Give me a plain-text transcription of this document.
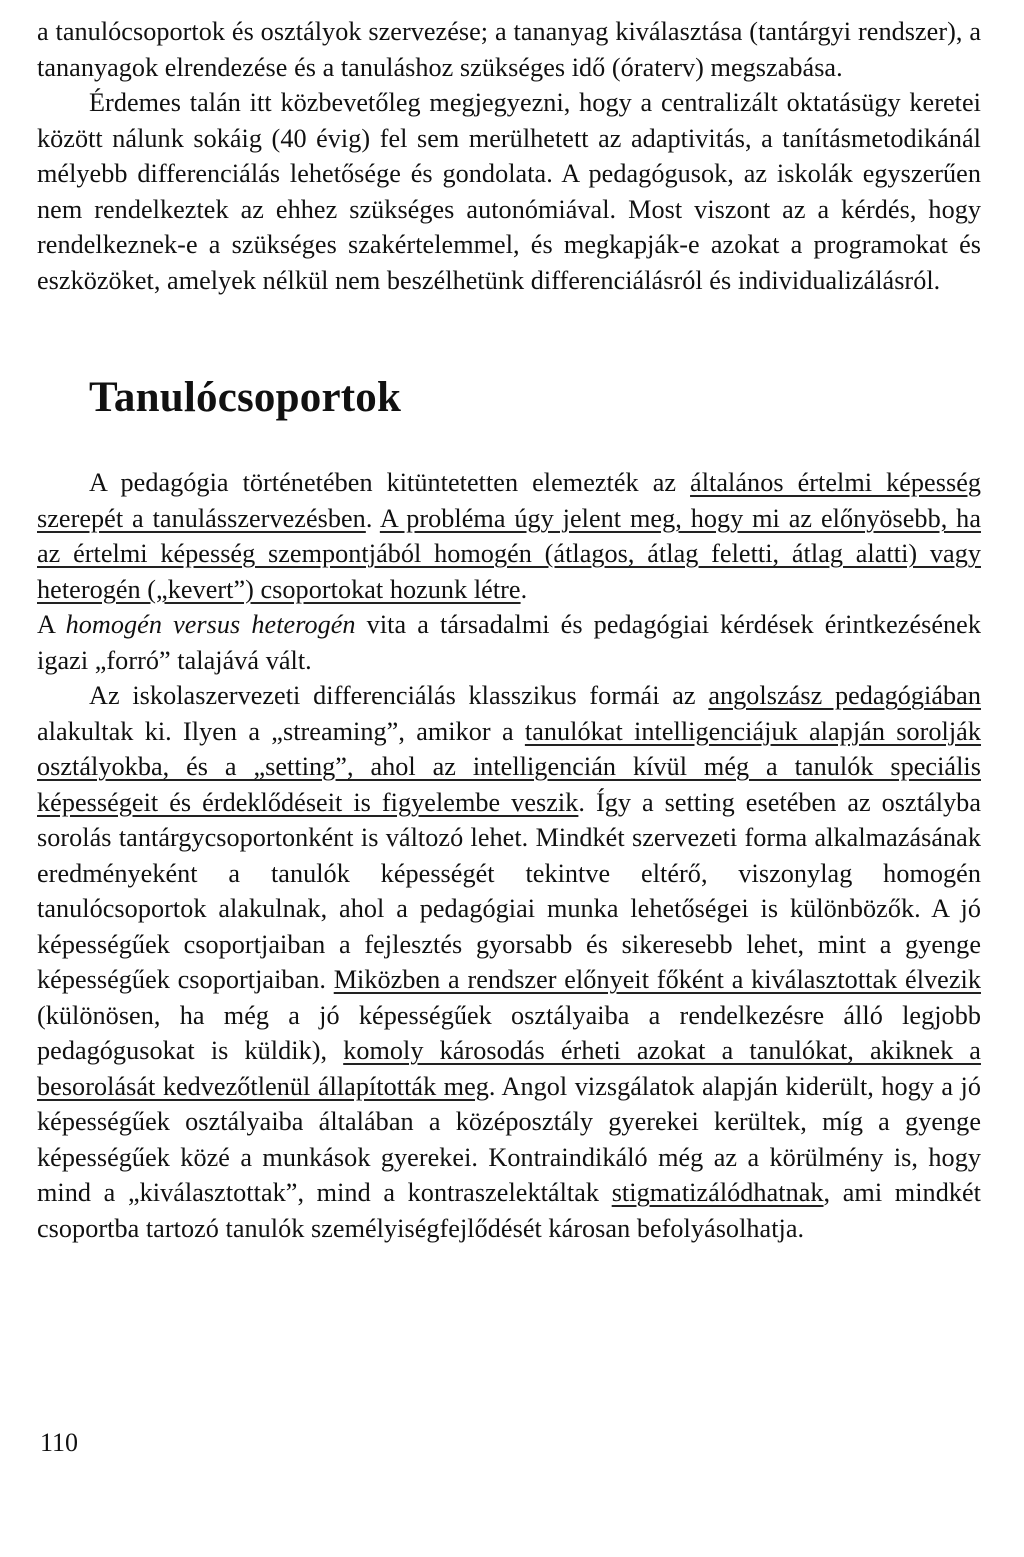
a tanulócsoportok és osztályok szervezése; a tananyag kiválasztása (tantárgyi rendszer), a tananyagok elrendezése és a tanuláshoz szükséges idő (óraterv) megszabása.

Érdemes talán itt közbevetőleg megjegyezni, hogy a centralizált oktatásügy keretei között nálunk sokáig (40 évig) fel sem merülhetett az adaptivitás, a tanításmetodikánál mélyebb differenciálás lehetősége és gondolata. A pedagógusok, az iskolák egyszerűen nem rendelkeztek az ehhez szükséges autonómiával. Most viszont az a kérdés, hogy rendelkeznek-e a szükséges szakértelemmel, és megkapják-e azokat a programokat és eszközöket, amelyek nélkül nem beszélhetünk differenciálásról és individualizálásról.

Tanulócsoportok

A pedagógia történetében kitüntetetten elemezték az általános értelmi képesség szerepét a tanulásszervezésben. A probléma úgy jelent meg, hogy mi az előnyösebb, ha az értelmi képesség szempontjából homogén (átlagos, átlag feletti, átlag alatti) vagy heterogén („kevert”) csoportokat hozunk létre.

A homogén versus heterogén vita a társadalmi és pedagógiai kérdések érintkezésének igazi „forró” talajává vált.

Az iskolaszervezeti differenciálás klasszikus formái az angolszász pedagógiában alakultak ki. Ilyen a „streaming”, amikor a tanulókat intelligenciájuk alapján sorolják osztályokba, és a „setting”, ahol az intelligencián kívül még a tanulók speciális képességeit és érdeklődéseit is figyelembe veszik. Így a setting esetében az osztályba sorolás tantárgycsoportonként is változó lehet. Mindkét szervezeti forma alkalmazásának eredményeként a tanulók képességét tekintve eltérő, viszonylag homogén tanulócsoportok alakulnak, ahol a pedagógiai munka lehetőségei is különbözők. A jó képességűek csoportjaiban a fejlesztés gyorsabb és sikeresebb lehet, mint a gyenge képességűek csoportjaiban. Miközben a rendszer előnyeit főként a kiválasztottak élvezik (különösen, ha még a jó képességűek osztályaiba a rendelkezésre álló legjobb pedagógusokat is küldik), komoly károsodás érheti azokat a tanulókat, akiknek a besorolását kedvezőtlenül állapították meg. Angol vizsgálatok alapján kiderült, hogy a jó képességűek osztályaiba általában a középosztály gyerekei kerültek, míg a gyenge képességűek közé a munkások gyerekei. Kontraindikáló még az a körülmény is, hogy mind a „kiválasztottak”, mind a kontraszelektáltak stigmatizálódhatnak, ami mindkét csoportba tartozó tanulók személyiségfejlődését károsan befolyásolhatja.

110
